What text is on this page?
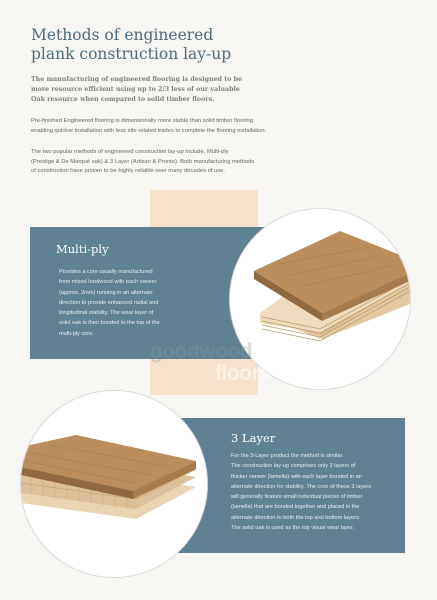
Methods of engineered
plank construction lay-up

The manufacturing of engineered flooring is designed to be
more resource efficient using up to 2/3 less of our valuable
Oak resource when compared to solid timber floors.

Pre-finished Engineered flooring is dimensionally more stable than solid timber flooring
enabling quicker installation with less site related trades to complete the flooring installation.

The two popular methods of engineered construction lay-up include, Multi-ply
(Prestige & De Marqué oak) & 3 Layer (Artisan & Pronto). Both manufacturing methods
of construction have proven to be highly reliable over many decades of use.

Multi-ply

Provides a core usually manufactured
from mixed hardwood with each veneer
(approx. 2mm) running in an alternate
direction to provide enhanced radial and
longitudinal stability. The wear layer of
solid oak is then bonded to the top of the
multi-ply core.

3 Layer

For the 3-Layer product the method is similar.
The construction lay-up comprises only 3 layers of
thicker veneer (lamella) with each layer bonded in an
alternate direction for stability. The core of these 3 layers
will generally feature small individual pieces of timber
(lamella) that are bonded together and placed in the
alternate direction to both the top and bottom layers.
The solid oak is used as the top visual wear layer.

goodwood
floors
